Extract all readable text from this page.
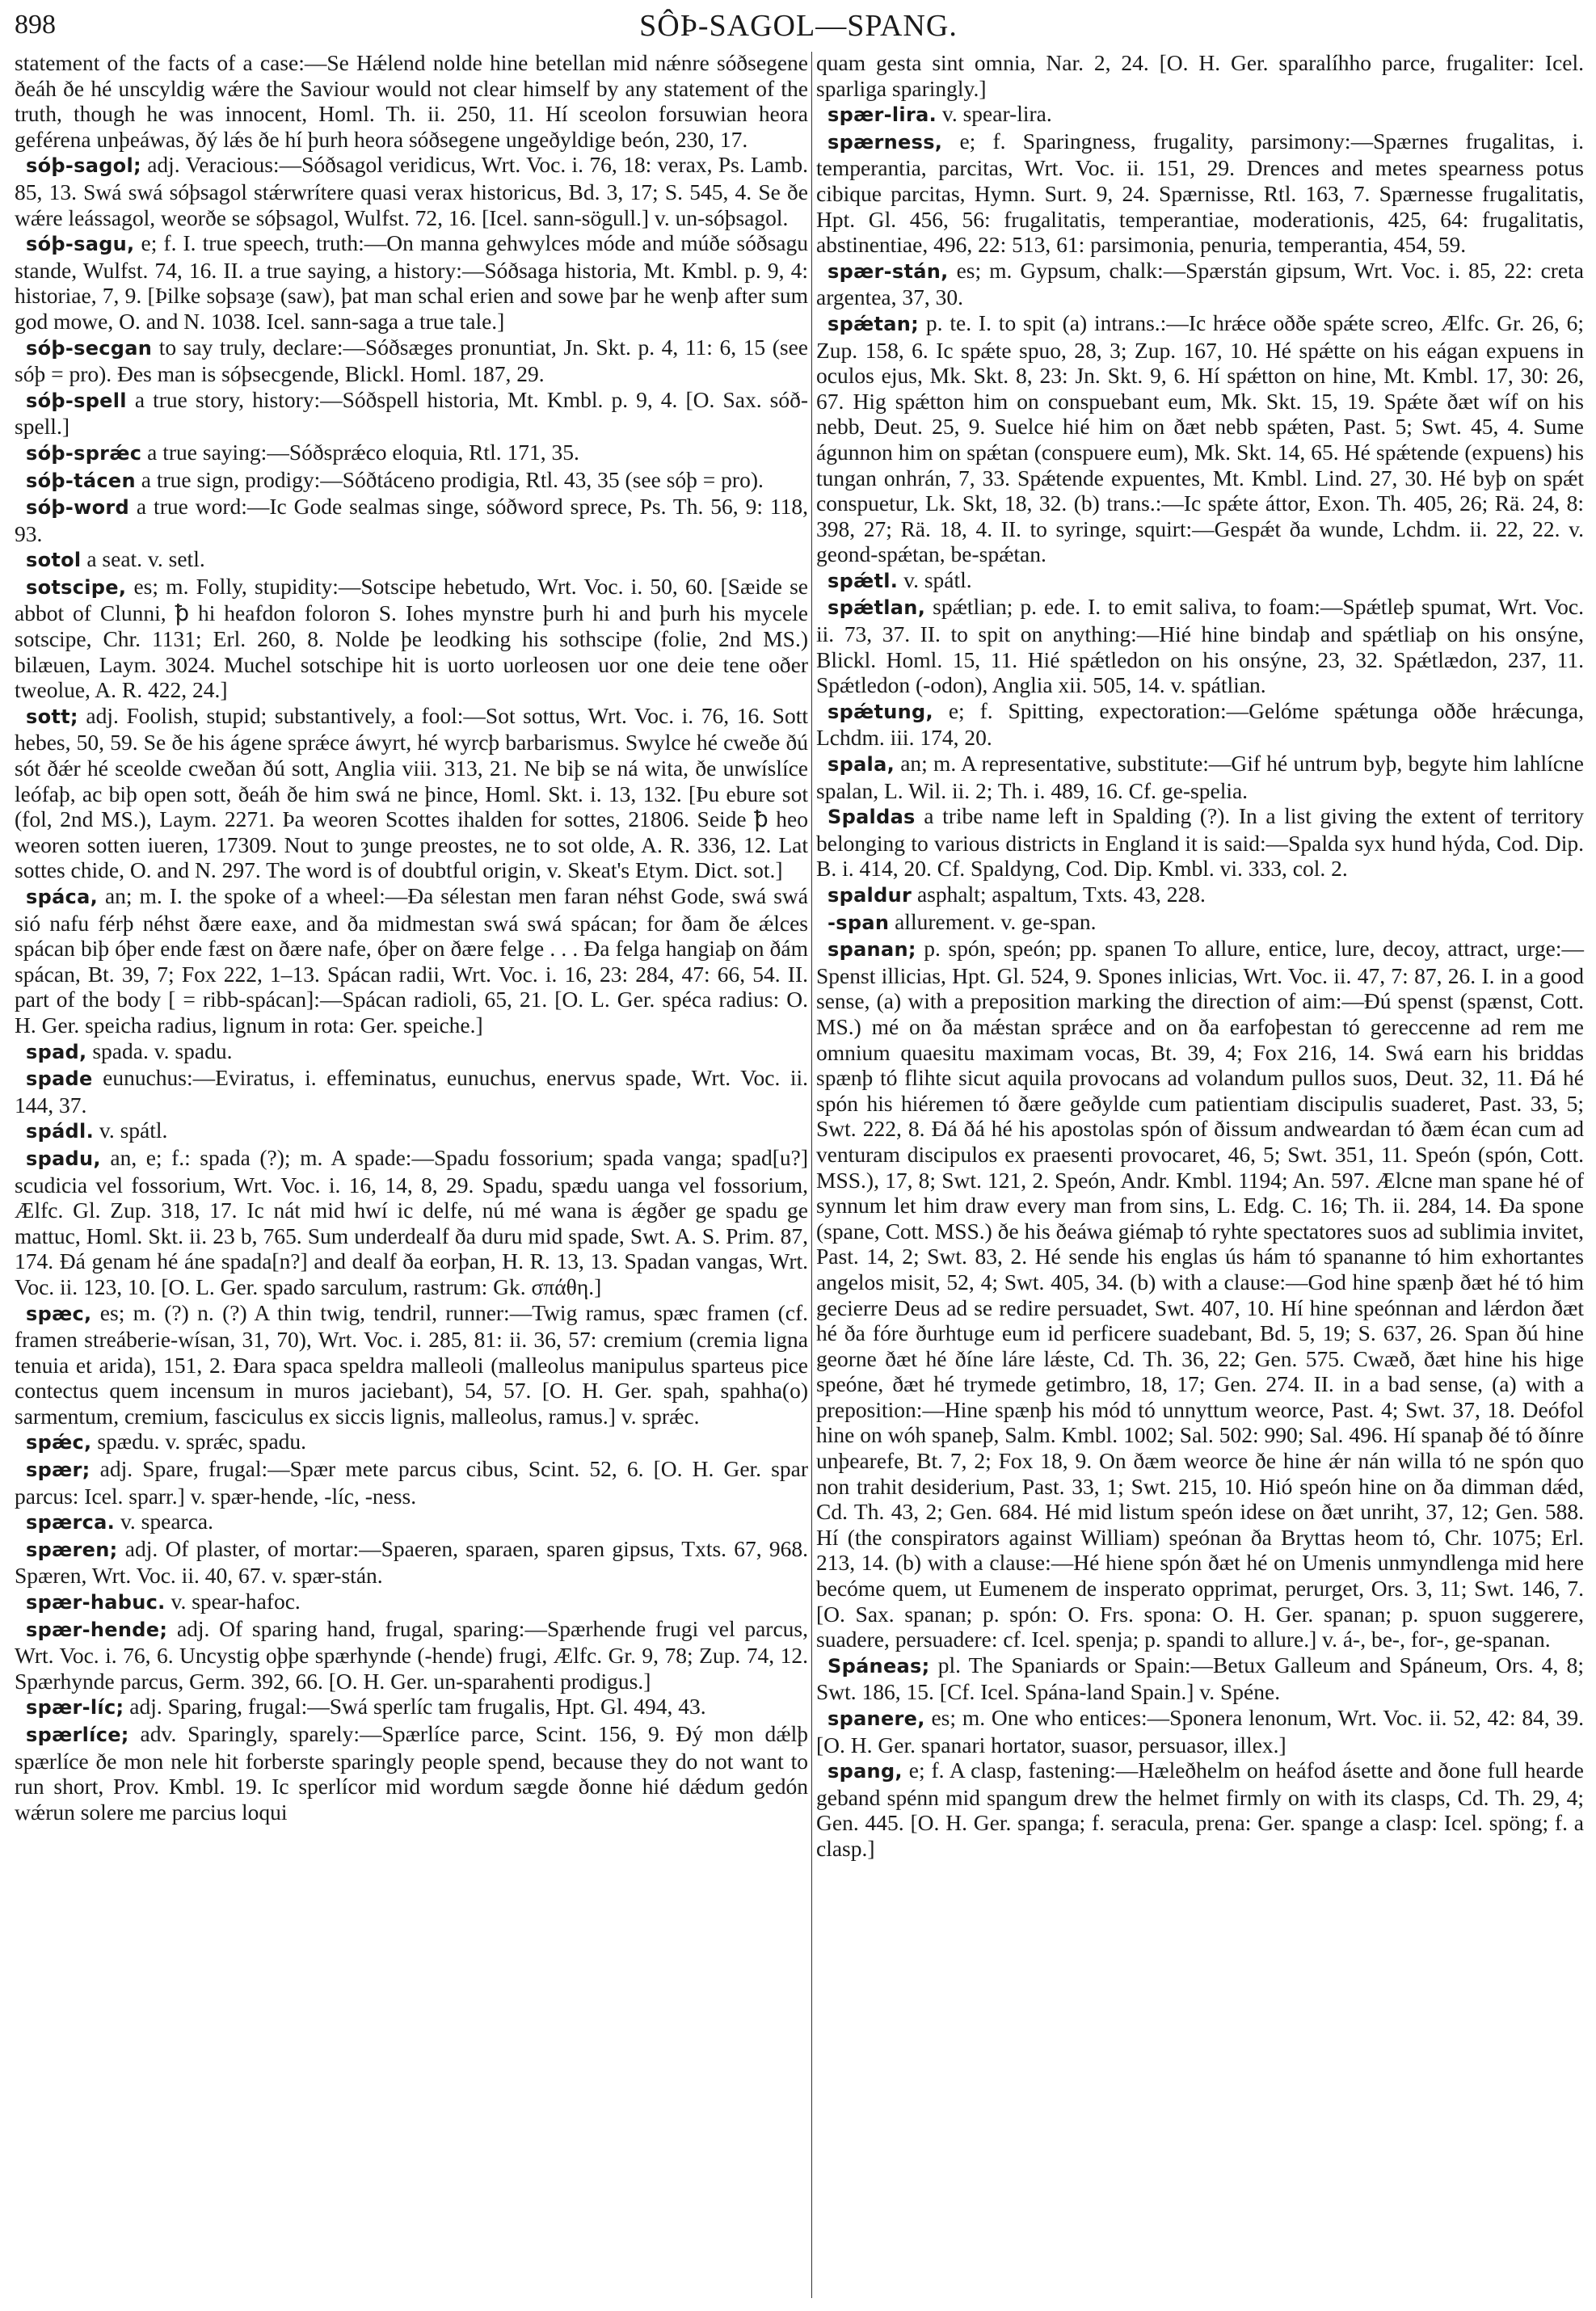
898	SÔÞ-SAGOL—SPANG.

statement of the facts of a case:—Se Hǽlend nolde hine betellan mid nǽnre sóðsegene ðeáh ðe hé unscyldig wǽre the Saviour would not clear himself by any statement of the truth, though he was innocent, Homl. Th. ii. 250, 11. Hí sceolon forsuwian heora geférena unþeáwas, ðý lǽs ðe hí þurh heora sóðsegene ungeðyldige beón, 230, 17.

sóþ-sagol; adj. Veracious:—Sóðsagol veridicus, Wrt. Voc. i. 76, 18: verax, Ps. Lamb. 85, 13. Swá swá sóþsagol stǽrwrítere quasi verax historicus, Bd. 3, 17; S. 545, 4. Se ðe wǽre leássagol, weorðe se sóþsagol, Wulfst. 72, 16. [Icel. sann-sögull.] v. un-sóþsagol.

sóþ-sagu, e; f. I. true speech, truth:—On manna gehwylces móde and múðe sóðsagu stande, Wulfst. 74, 16. II. a true saying, a history:—Sóðsaga historia, Mt. Kmbl. p. 9, 4: historiae, 7, 9. [Þilke soþsaȝe (saw), þat man schal erien and sowe þar he wenþ after sum god mowe, O. and N. 1038. Icel. sann-saga a true tale.]

sóþ-secgan to say truly, declare:—Sóðsæges pronuntiat, Jn. Skt. p. 4, 11: 6, 15 (see sóþ = pro). Ðes man is sóþsecgende, Blickl. Homl. 187, 29.

sóþ-spell a true story, history:—Sóðspell historia, Mt. Kmbl. p. 9, 4. [O. Sax. sóð-spell.]

sóþ-sprǽc a true saying:—Sóðsprǽco eloquia, Rtl. 171, 35.

sóþ-tácen a true sign, prodigy:—Sóðtáceno prodigia, Rtl. 43, 35 (see sóþ = pro).

sóþ-word a true word:—Ic Gode sealmas singe, sóðword sprece, Ps. Th. 56, 9: 118, 93.

sotol a seat. v. setl.

sotscipe, es; m. Folly, stupidity:—Sotscipe hebetudo, Wrt. Voc. i. 50, 60. [Sæide se abbot of Clunni, ꝥ hi heafdon foloron S. Iohes mynstre þurh hi and þurh his mycele sotscipe, Chr. 1131; Erl. 260, 8. Nolde þe leodking his sothscipe (folie, 2nd MS.) bilæuen, Laym. 3024. Muchel sotschipe hit is uorto uorleosen uor one deie tene oðer tweolue, A. R. 422, 24.]

sott; adj. Foolish, stupid; substantively, a fool:—Sot sottus, Wrt. Voc. i. 76, 16. Sott hebes, 50, 59. Se ðe his ágene sprǽce áwyrt, hé wyrcþ barbarismus. Swylce hé cweðe ðú sót ðǽr hé sceolde cweðan ðú sott, Anglia viii. 313, 21. Ne biþ se ná wita, ðe unwíslíce leófaþ, ac biþ open sott, ðeáh ðe him swá ne þince, Homl. Skt. i. 13, 132. [Þu ebure sot (fol, 2nd MS.), Laym. 2271. Þa weoren Scottes ihalden for sottes, 21806. Seide ꝥ heo weoren sotten iueren, 17309. Nout to ȝunge preostes, ne to sot olde, A. R. 336, 12. Lat sottes chide, O. and N. 297. The word is of doubtful origin, v. Skeat's Etym. Dict. sot.]

spáca, an; m. I. the spoke of a wheel:—Ða sélestan men faran néhst Gode, swá swá sió nafu férþ néhst ðære eaxe, and ða midmestan swá swá spácan; for ðam ðe ǽlces spácan biþ óþer ende fæst on ðære nafe, óþer on ðære felge . . . Ða felga hangiaþ on ðám spácan, Bt. 39, 7; Fox 222, 1–13. Spácan radii, Wrt. Voc. i. 16, 23: 284, 47: 66, 54. II. part of the body [ = ribb-spácan]:—Spácan radioli, 65, 21. [O. L. Ger. spéca radius: O. H. Ger. speicha radius, lignum in rota: Ger. speiche.]

spad, spada. v. spadu.

spade eunuchus:—Eviratus, i. effeminatus, eunuchus, enervus spade, Wrt. Voc. ii. 144, 37.

spádl. v. spátl.

spadu, an, e; f.: spada (?); m. A spade:—Spadu fossorium; spada vanga; spad[u?] scudicia vel fossorium, Wrt. Voc. i. 16, 14, 8, 29. Spadu, spædu uanga vel fossorium, Ælfc. Gl. Zup. 318, 17. Ic nát mid hwí ic delfe, nú mé wana is ǽgðer ge spadu ge mattuc, Homl. Skt. ii. 23 b, 765. Sum underdealf ða duru mid spade, Swt. A. S. Prim. 87, 174. Ðá genam hé áne spada[n?] and dealf ða eorþan, H. R. 13, 13. Spadan vangas, Wrt. Voc. ii. 123, 10. [O. L. Ger. spado sarculum, rastrum: Gk. σπάθη.]

spæc, es; m. (?) n. (?) A thin twig, tendril, runner:—Twig ramus, spæc framen (cf. framen streáberie-wísan, 31, 70), Wrt. Voc. i. 285, 81: ii. 36, 57: cremium (cremia ligna tenuia et arida), 151, 2. Ðara spaca speldra malleoli (malleolus manipulus sparteus pice contectus quem incensum in muros jaciebant), 54, 57. [O. H. Ger. spah, spahha(o) sarmentum, cremium, fasciculus ex siccis lignis, malleolus, ramus.] v. sprǽc.

spǽc, spædu. v. sprǽc, spadu.

spær; adj. Spare, frugal:—Spær mete parcus cibus, Scint. 52, 6. [O. H. Ger. spar parcus: Icel. sparr.] v. spær-hende, -líc, -ness.

spærca. v. spearca.

spæren; adj. Of plaster, of mortar:—Spaeren, sparaen, sparen gipsus, Txts. 67, 968. Spæren, Wrt. Voc. ii. 40, 67. v. spær-stán.

spær-habuc. v. spear-hafoc.

spær-hende; adj. Of sparing hand, frugal, sparing:—Spærhende frugi vel parcus, Wrt. Voc. i. 76, 6. Uncystig oþþe spærhynde (-hende) frugi, Ælfc. Gr. 9, 78; Zup. 74, 12. Spærhynde parcus, Germ. 392, 66. [O. H. Ger. un-sparahenti prodigus.]

spær-líc; adj. Sparing, frugal:—Swá sperlíc tam frugalis, Hpt. Gl. 494, 43.

spærlíce; adv. Sparingly, sparely:—Spærlíce parce, Scint. 156, 9. Ðý mon dǽlþ spærlíce ðe mon nele hit forberste sparingly people spend, because they do not want to run short, Prov. Kmbl. 19. Ic sperlícor mid wordum sægde ðonne hié dǽdum gedón wǽrun solere me parcius loqui

quam gesta sint omnia, Nar. 2, 24. [O. H. Ger. sparalíhho parce, frugaliter: Icel. sparliga sparingly.]

spær-lira. v. spear-lira.

spærness, e; f. Sparingness, frugality, parsimony:—Spærnes frugalitas, i. temperantia, parcitas, Wrt. Voc. ii. 151, 29. Drences and metes spearness potus cibique parcitas, Hymn. Surt. 9, 24. Spærnisse, Rtl. 163, 7. Spærnesse frugalitatis, Hpt. Gl. 456, 56: frugalitatis, temperantiae, moderationis, 425, 64: frugalitatis, abstinentiae, 496, 22: 513, 61: parsimonia, penuria, temperantia, 454, 59.

spær-stán, es; m. Gypsum, chalk:—Spærstán gipsum, Wrt. Voc. i. 85, 22: creta argentea, 37, 30.

spǽtan; p. te. I. to spit (a) intrans.:—Ic hrǽce oððe spǽte screo, Ælfc. Gr. 26, 6; Zup. 158, 6. Ic spǽte spuo, 28, 3; Zup. 167, 10. Hé spǽtte on his eágan expuens in oculos ejus, Mk. Skt. 8, 23: Jn. Skt. 9, 6. Hí spǽtton on hine, Mt. Kmbl. 17, 30: 26, 67. Hig spǽtton him on conspuebant eum, Mk. Skt. 15, 19. Spǽte ðæt wíf on his nebb, Deut. 25, 9. Suelce hié him on ðæt nebb spǽten, Past. 5; Swt. 45, 4. Sume águnnon him on spǽtan (conspuere eum), Mk. Skt. 14, 65. Hé spǽtende (expuens) his tungan onhrán, 7, 33. Spǽtende expuentes, Mt. Kmbl. Lind. 27, 30. Hé byþ on spǽt conspuetur, Lk. Skt, 18, 32. (b) trans.:—Ic spǽte áttor, Exon. Th. 405, 26; Rä. 24, 8: 398, 27; Rä. 18, 4. II. to syringe, squirt:—Gespǽt ða wunde, Lchdm. ii. 22, 22. v. geond-spǽtan, be-spǽtan.

spǽtl. v. spátl.

spǽtlan, spǽtlian; p. ede. I. to emit saliva, to foam:—Spǽtleþ spumat, Wrt. Voc. ii. 73, 37. II. to spit on anything:—Hié hine bindaþ and spǽtliaþ on his onsýne, Blickl. Homl. 15, 11. Hié spǽtledon on his onsýne, 23, 32. Spǽtlædon, 237, 11. Spǽtledon (-odon), Anglia xii. 505, 14. v. spátlian.

spǽtung, e; f. Spitting, expectoration:—Gelóme spǽtunga oððe hrǽcunga, Lchdm. iii. 174, 20.

spala, an; m. A representative, substitute:—Gif hé untrum byþ, begyte him lahlícne spalan, L. Wil. ii. 2; Th. i. 489, 16. Cf. ge-spelia.

Spaldas a tribe name left in Spalding (?). In a list giving the extent of territory belonging to various districts in England it is said:—Spalda syx hund hýda, Cod. Dip. B. i. 414, 20. Cf. Spaldyng, Cod. Dip. Kmbl. vi. 333, col. 2.

spaldur asphalt; aspaltum, Txts. 43, 228.

-span allurement. v. ge-span.

spanan; p. spón, speón; pp. spanen To allure, entice, lure, decoy, attract, urge:—Spenst illicias, Hpt. Gl. 524, 9. Spones inlicias, Wrt. Voc. ii. 47, 7: 87, 26. I. in a good sense, (a) with a preposition marking the direction of aim:—Ðú spenst (spænst, Cott. MS.) mé on ða mǽstan sprǽce and on ða earfoþestan tó gereccenne ad rem me omnium quaesitu maximam vocas, Bt. 39, 4; Fox 216, 14. Swá earn his briddas spænþ tó flihte sicut aquila provocans ad volandum pullos suos, Deut. 32, 11. Ðá hé spón his hiéremen tó ðære geðylde cum patientiam discipulis suaderet, Past. 33, 5; Swt. 222, 8. Ðá ðá hé his apostolas spón of ðissum andweardan tó ðæm écan cum ad venturam discipulos ex praesenti provocaret, 46, 5; Swt. 351, 11. Speón (spón, Cott. MSS.), 17, 8; Swt. 121, 2. Speón, Andr. Kmbl. 1194; An. 597. Ælcne man spane hé of synnum let him draw every man from sins, L. Edg. C. 16; Th. ii. 284, 14. Ða spone (spane, Cott. MSS.) ðe his ðeáwa giémaþ tó ryhte spectatores suos ad sublimia invitet, Past. 14, 2; Swt. 83, 2. Hé sende his englas ús hám tó spananne tó him exhortantes angelos misit, 52, 4; Swt. 405, 34. (b) with a clause:—God hine spænþ ðæt hé tó him gecierre Deus ad se redire persuadet, Swt. 407, 10. Hí hine speónnan and lǽrdon ðæt hé ða fóre ðurhtuge eum id perficere suadebant, Bd. 5, 19; S. 637, 26. Span ðú hine georne ðæt hé ðíne láre lǽste, Cd. Th. 36, 22; Gen. 575. Cwæð, ðæt hine his hige speóne, ðæt hé trymede getimbro, 18, 17; Gen. 274. II. in a bad sense, (a) with a preposition:—Hine spænþ his mód tó unnyttum weorce, Past. 4; Swt. 37, 18. Deófol hine on wóh spaneþ, Salm. Kmbl. 1002; Sal. 502: 990; Sal. 496. Hí spanaþ ðé tó ðínre unþearefe, Bt. 7, 2; Fox 18, 9. On ðæm weorce ðe hine ǽr nán willa tó ne spón quo non trahit desiderium, Past. 33, 1; Swt. 215, 10. Hió speón hine on ða dimman dǽd, Cd. Th. 43, 2; Gen. 684. Hé mid listum speón idese on ðæt unriht, 37, 12; Gen. 588. Hí (the conspirators against William) speónan ða Bryttas heom tó, Chr. 1075; Erl. 213, 14. (b) with a clause:—Hé hiene spón ðæt hé on Umenis unmyndlenga mid here becóme quem, ut Eumenem de insperato opprimat, perurget, Ors. 3, 11; Swt. 146, 7. [O. Sax. spanan; p. spón: O. Frs. spona: O. H. Ger. spanan; p. spuon suggerere, suadere, persuadere: cf. Icel. spenja; p. spandi to allure.] v. á-, be-, for-, ge-spanan.

Spáneas; pl. The Spaniards or Spain:—Betux Galleum and Spáneum, Ors. 4, 8; Swt. 186, 15. [Cf. Icel. Spána-land Spain.] v. Spéne.

spanere, es; m. One who entices:—Sponera lenonum, Wrt. Voc. ii. 52, 42: 84, 39. [O. H. Ger. spanari hortator, suasor, persuasor, illex.]

spang, e; f. A clasp, fastening:—Hæleðhelm on heáfod ásette and ðone full hearde geband spénn mid spangum drew the helmet firmly on with its clasps, Cd. Th. 29, 4; Gen. 445. [O. H. Ger. spanga; f. seracula, prena: Ger. spange a clasp: Icel. spöng; f. a clasp.]
